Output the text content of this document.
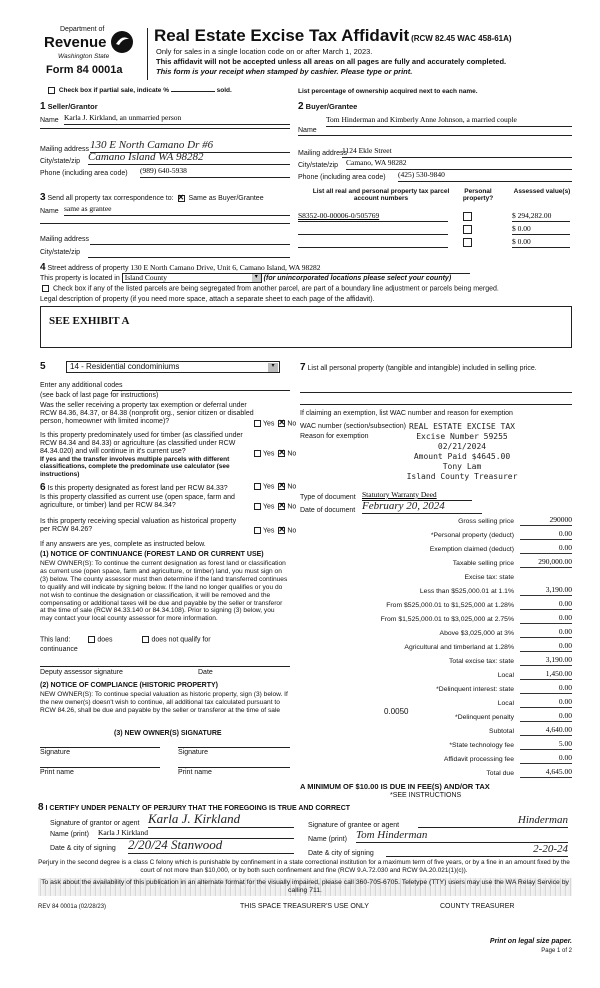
Department of
Revenue
Washington State
Form 84 0001a
Real Estate Excise Tax Affidavit (RCW 82.45 WAC 458-61A)
Only for sales in a single location code on or after March 1, 2023.
This affidavit will not be accepted unless all areas on all pages are fully and accurately completed.
This form is your receipt when stamped by cashier. Please type or print.
Check box if partial sale, indicate %	sold.	List percentage of ownership acquired next to each name.
1 Seller/Grantor
Name Karla J. Kirkland, an unmarried person
Mailing address 130 E North Camano Dr #6
City/state/zip Camano Island WA 98282
Phone (including area code) (989) 640-5938
2 Buyer/Grantee
Tom Hinderman and Kimberly Anne Johnson, a married couple
Name
Mailing address
1124 Ekle Street
City/state/zip Camano, WA 98282
Phone (including area code) (425) 530-9840
3 Send all property tax correspondence to: ✕ Same as Buyer/Grantee
Name same as grantee
Mailing address
City/state/zip
List all real and personal property tax parcel account numbers
Personal property?
Assessed value(s)
S8352-00-00006-0/505769	$ 294,282.00
$ 0.00
$ 0.00
4 Street address of property 130 E North Camano Drive, Unit 6, Camano Island, WA 98282
This property is located in Island County	▾ (for unincorporated locations please select your county)
Check box if any of the listed parcels are being segregated from another parcel, are part of a boundary line adjustment or parcels being merged.
Legal description of property (if you need more space, attach a separate sheet to each page of the affidavit).
SEE EXHIBIT A
5	14 - Residential condominiums	▾
Enter any additional codes
(see back of last page for instructions)
Was the seller receiving a property tax exemption or deferral under RCW 84.36, 84.37, or 84.38 (nonprofit org., senior citizen or disabled person, homeowner with limited income)?	Yes ✕ No
Is this property predominately used for timber (as classified under RCW 84.34 and 84.33) or agriculture (as classified under RCW 84.34.020) and will continue in it's current use?
If yes and the transfer involves multiple parcels with different classifications, complete the predominate use calculator (see instructions)
Yes ✕ No
6 Is this property designated as forest land per RCW 84.33?	Yes ✕ No
Is this property classified as current use (open space, farm and agriculture, or timber) land per RCW 84.34?	Yes ✕ No
Is this property receiving special valuation as historical property per RCW 84.26?	Yes ✕ No
If any answers are yes, complete as instructed below.
(1) NOTICE OF CONTINUANCE (FOREST LAND OR CURRENT USE)
NEW OWNER(S): To continue the current designation as forest land or classification as current use (open space, farm and agriculture, or timber) land, you must sign on (3) below. The county assessor must then determine if the land transferred continues to qualify and will indicate by signing below. If the land no longer qualifies or you do not wish to continue the designation or classification, it will be removed and the compensating or additional taxes will be due and payable by the seller or transferor at the time of sale (RCW 84.33.140 or 84.34.108). Prior to signing (3) below, you may contact your local county assessor for more information.
This land:	does	does not qualify for
continuance
Deputy assessor signature	Date
(2) NOTICE OF COMPLIANCE (HISTORIC PROPERTY)
NEW OWNER(S): To continue special valuation as historic property, sign (3) below. If the new owner(s) doesn't wish to continue, all additional tax calculated pursuant to RCW 84.26, shall be due and payable by the seller or transferor at the time of sale
(3) NEW OWNER(S) SIGNATURE
Signature	Signature
Print name	Print name
7 List all personal property (tangible and intangible) included in selling price.
If claiming an exemption, list WAC number and reason for exemption
WAC number (section/subsection)
Reason for exemption
REAL ESTATE EXCISE TAX
Excise Number 59255
02/21/2024
Amount Paid $4645.00
Tony Lam
Island County Treasurer
Type of document Statutory Warranty Deed
Date of document February 20, 2024
Gross selling price	290000
*Personal property (deduct)	0.00
Exemption claimed (deduct)	0.00
Taxable selling price	290,000.00
Excise tax: state
Less than $525,000.01 at 1.1%	3,190.00
From $525,000.01 to $1,525,000 at 1.28%	0.00
From $1,525,000.01 to $3,025,000 at 2.75%	0.00
Above $3,025,000 at 3%	0.00
Agricultural and timberland at 1.28%	0.00
Total excise tax: state	3,190.00
Local	1,450.00
*Delinquent interest: state	0.00
Local	0.00
*Delinquent penalty	0.00
Subtotal	4,640.00
*State technology fee	5.00
Affidavit processing fee	0.00
Total due	4,645.00
0.0050
A MINIMUM OF $10.00 IS DUE IN FEE(S) AND/OR TAX
*SEE INSTRUCTIONS
8 I CERTIFY UNDER PENALTY OF PERJURY THAT THE FOREGOING IS TRUE AND CORRECT
Signature of grantor or agent Karla J. Kirkland
Name (print) Karla J Kirkland
Date & city of signing 2/20/24 Stanwood
Signature of grantee or agent	Hinderman
Name (print) Tom Hinderman
Date & city of signing	2-20-24
Perjury in the second degree is a class C felony which is punishable by confinement in a state correctional institution for a maximum term of five years, or by a fine in an amount fixed by the court of not more than $10,000, or by both such confinement and fine (RCW 9.A.72.030 and RCW 9A.20.021(1)(c)).
To ask about the availability of this publication in an alternate format for the visually impaired, please call 360-705-6705. Teletype (TTY) users may use the WA Relay Service by calling 711.
REV 84 0001a (02/28/23)	THIS SPACE TREASURER'S USE ONLY	COUNTY TREASURER
Print on legal size paper.
Page 1 of 2
